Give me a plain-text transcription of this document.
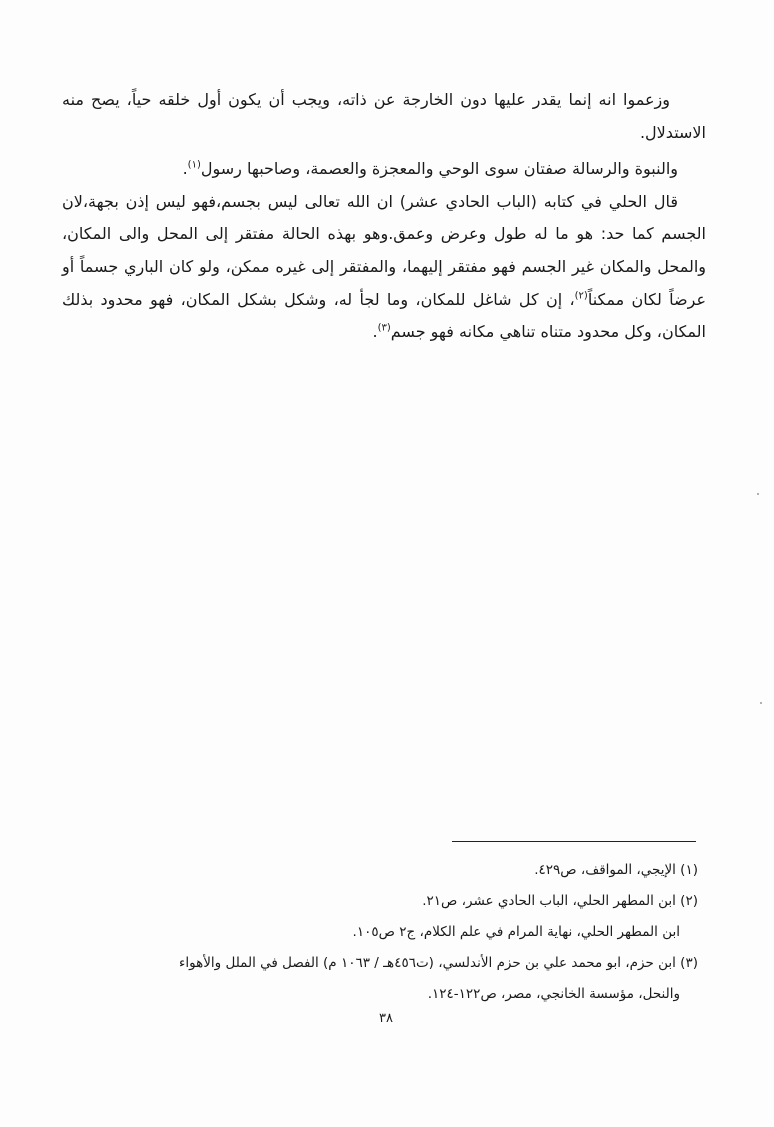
وزعموا انه إنما يقدر عليها دون الخارجة عن ذاته، ويجب أن يكون أول خلقه حياً، يصح منه الاستدلال.

والنبوة والرسالة صفتان سوى الوحي والمعجزة والعصمة، وصاحبها رسول$^{(١)}$.

قال الحلي في كتابه (الباب الحادي عشر) ان الله تعالى ليس بجسم،فهو ليس إذن بجهة،لان الجسم كما حد: هو ما له طول وعرض وعمق.وهو بهذه الحالة مفتقر إلى المحل والى المكان، والمحل والمكان غير الجسم فهو مفتقر إليهما، والمفتقر إلى غيره ممكن، ولو كان الباري جسماً أو عرضاً لكان ممكناً$^{(٢)}$، إن كل شاغل للمكان، وما لجأ له، وشكل بشكل المكان، فهو محدود بذلك المكان، وكل محدود متناه تناهي مكانه فهو جسم$^{(٣)}$.

(١) الإيجي، المواقف، ص٤٢٩.

(٢) ابن المطهر الحلي، الباب الحادي عشر، ص٢١.

ابن المطهر الحلي، نهاية المرام في علم الكلام، ج٢ ص١٠٥.

(٣) ابن حزم، ابو محمد علي بن حزم الأندلسي، (ت٤٥٦هـ / ١٠٦٣ م) الفصل في الملل والأهواء

والنحل، مؤسسة الخانجي، مصر، ص١٢٢-١٢٤.

٣٨
